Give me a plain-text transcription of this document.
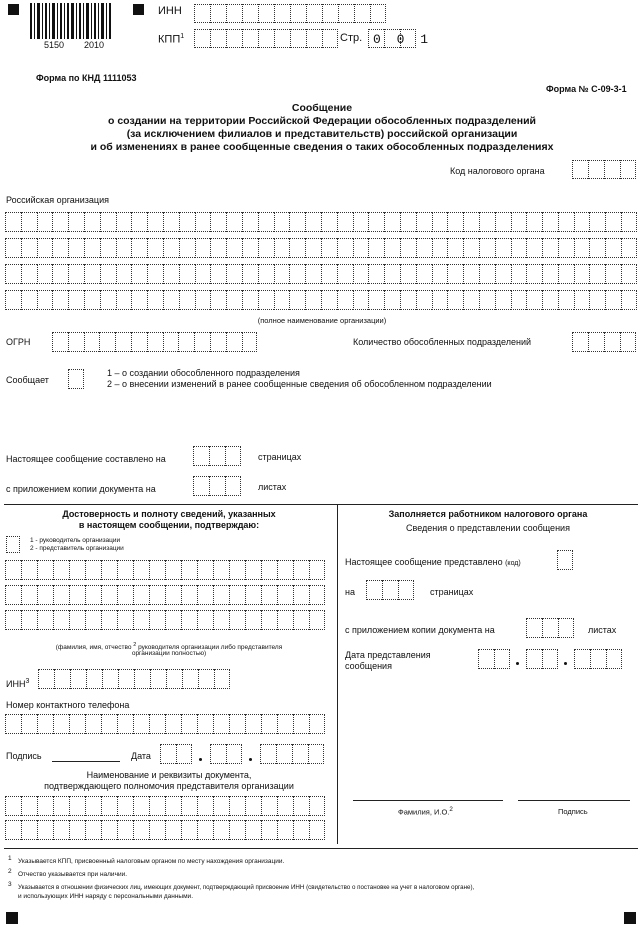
5150 2010
ИНН
КПП$^1$	Стр. 0 0 1
Форма по КНД 1111053
Форма № С-09-3-1
Сообщение
о создании на территории Российской Федерации обособленных подразделений
(за исключением филиалов и представительств) российской организации
и об изменениях в ранее сообщенные сведения о таких обособленных подразделениях
Код налогового органа
Российская организация
(полное наименование организации)
ОГРН	Количество обособленных подразделений
Сообщает
1 – о создании обособленного подразделения
2 – о внесении изменений в ранее сообщенные сведения об обособленном подразделении
Настоящее сообщение составлено на	страницах
с приложением копии документа на	листах
Достоверность и полноту сведений, указанных
в настоящем сообщении, подтверждаю:
1 - руководитель организации
2 - представитель организации
(фамилия, имя, отчество $^2$ руководителя организации либо представителя
организации полностью)
ИНН$^3$
Номер контактного телефона
Подпись	Дата
Наименование и реквизиты документа,
подтверждающего полномочия представителя организации
Заполняется работником налогового органа
Сведения о представлении сообщения
Настоящее сообщение представлено (код)
на	страницах
с приложением копии документа на	листах
Дата представления
сообщения
Фамилия, И.О.$^2$	Подпись
1 Указывается КПП, присвоенный налоговым органом по месту нахождения организации.
2 Отчество указывается при наличии.
3 Указывается в отношении физических лиц, имеющих документ, подтверждающий присвоение ИНН (свидетельство о постановке на учет в налоговом органе),
и использующих ИНН наряду с персональными данными.
